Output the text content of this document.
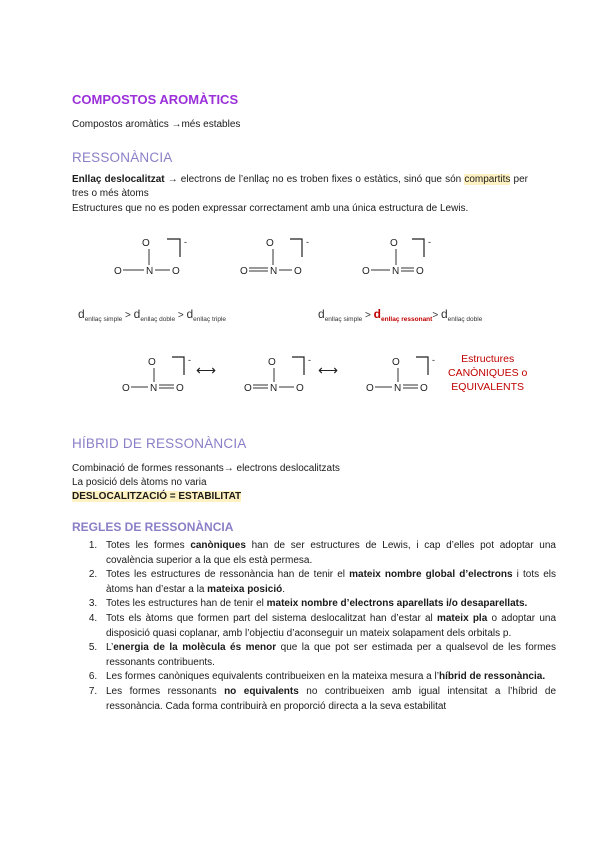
COMPOSTOS AROMÀTICS

Compostos aromàtics →més estables

RESSONÀNCIA

Enllaç deslocalitzat → electrons de l’enllaç no es troben fixes o estàtics, sinó que són compartits per tres o més àtoms

Estructures que no es poden expressar correctament amb una única estructura de Lewis.

O
O N O
-	O
O N O
-	O
O N O
-

$d_{enllaç simple} > d_{enllaç doble} > d_{enllaç triple}$	$d_{enllaç simple} > d_{enllaç ressonant}> d_{enllaç doble}$

O
O N O
-
⟷	O
O N O
-
⟷	O
O N O
-	Estructures
CANÒNIQUES o
EQUIVALENTS

HÍBRID DE RESSONÀNCIA

Combinació de formes ressonants→ electrons deslocalitzats

La posició dels àtoms no varia

DESLOCALITZACIÓ = ESTABILITAT

REGLES DE RESSONÀNCIA
1. Totes les formes canòniques han de ser estructures de Lewis, i cap d’elles pot adoptar una covalència superior a la que els està permesa.
2. Totes les estructures de ressonància han de tenir el mateix nombre global d’electrons i tots els àtoms han d’estar a la mateixa posició.
3. Totes les estructures han de tenir el mateix nombre d’electrons aparellats i/o desaparellats.
4. Tots els àtoms que formen part del sistema deslocalitzat han d’estar al mateix pla o adoptar una disposició quasi coplanar, amb l’objectiu d’aconseguir un mateix solapament dels orbitals p.
5. L’energia de la molècula és menor que la que pot ser estimada per a qualsevol de les formes ressonants contribuents.
6. Les formes canòniques equivalents contribueixen en la mateixa mesura a l’híbrid de ressonància.
7. Les formes ressonants no equivalents no contribueixen amb igual intensitat a l’híbrid de ressonància. Cada forma contribuirà en proporció directa a la seva estabilitat
